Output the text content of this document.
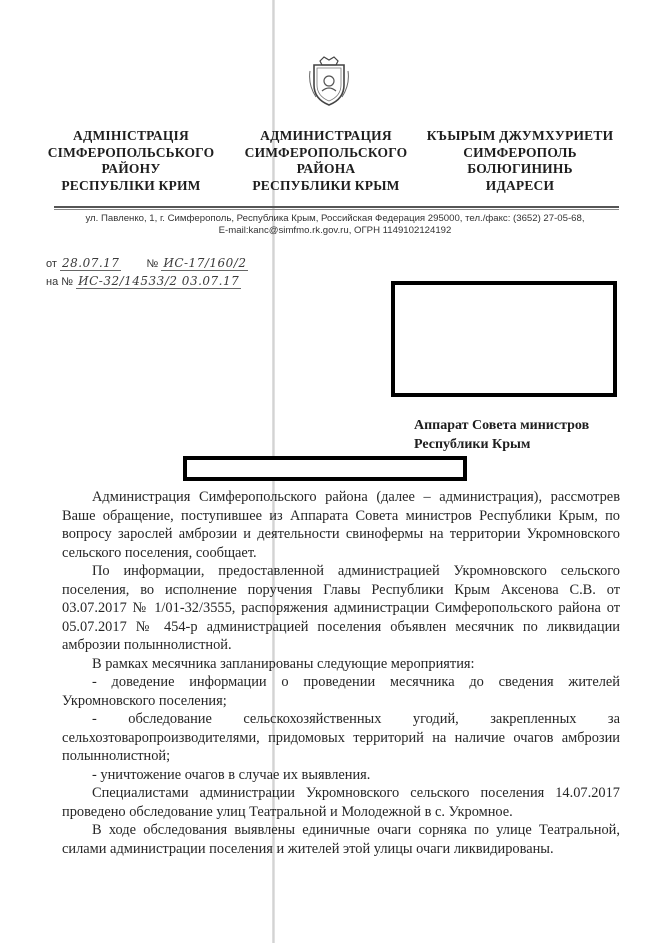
АДМІНІСТРАЦІЯ
СІМФЕРОПОЛЬСЬКОГО
РАЙОНУ
РЕСПУБЛІКИ КРИМ
АДМИНИСТРАЦИЯ
СИМФЕРОПОЛЬСКОГО
РАЙОНА
РЕСПУБЛИКИ КРЫМ
КЪЫРЫМ ДЖУМХУРИЕТИ
СИМФЕРОПОЛЬ
БОЛЮГИНИНЬ
ИДАРЕСИ
ул. Павленко, 1, г. Симферополь, Республика Крым, Российская Федерация 295000, тел./факс: (3652) 27-05-68,
E-mail:kanc@simfmo.rk.gov.ru, ОГРН 1149102124192
от 28.07.17 № ИС-17/160/2
на № ИС-32/14533/2 03.07.17
Аппарат Совета министров
Республики Крым

Администрация Симферопольского района (далее – администрация), рассмотрев Ваше обращение, поступившее из Аппарата Совета министров Республики Крым, по вопросу зарослей амброзии и деятельности свинофермы на территории Укромновского сельского поселения, сообщает.

По информации, предоставленной администрацией Укромновского сельского поселения, во исполнение поручения Главы Республики Крым Аксенова С.В. от 03.07.2017 № 1/01-32/3555, распоряжения администрации Симферопольского района от 05.07.2017 № 454-р администрацией поселения объявлен месячник по ликвидации амброзии полыннолистной.

В рамках месячника запланированы следующие мероприятия:

- доведение информации о проведении месячника до сведения жителей Укромновского поселения;

- обследование сельскохозяйственных угодий, закрепленных за сельхозтоваропроизводителями, придомовых территорий на наличие очагов амброзии полыннолистной;

- уничтожение очагов в случае их выявления.

Специалистами администрации Укромновского сельского поселения 14.07.2017 проведено обследование улиц Театральной и Молодежной в с. Укромное.

В ходе обследования выявлены единичные очаги сорняка по улице Театральной, силами администрации поселения и жителей этой улицы очаги ликвидированы.
